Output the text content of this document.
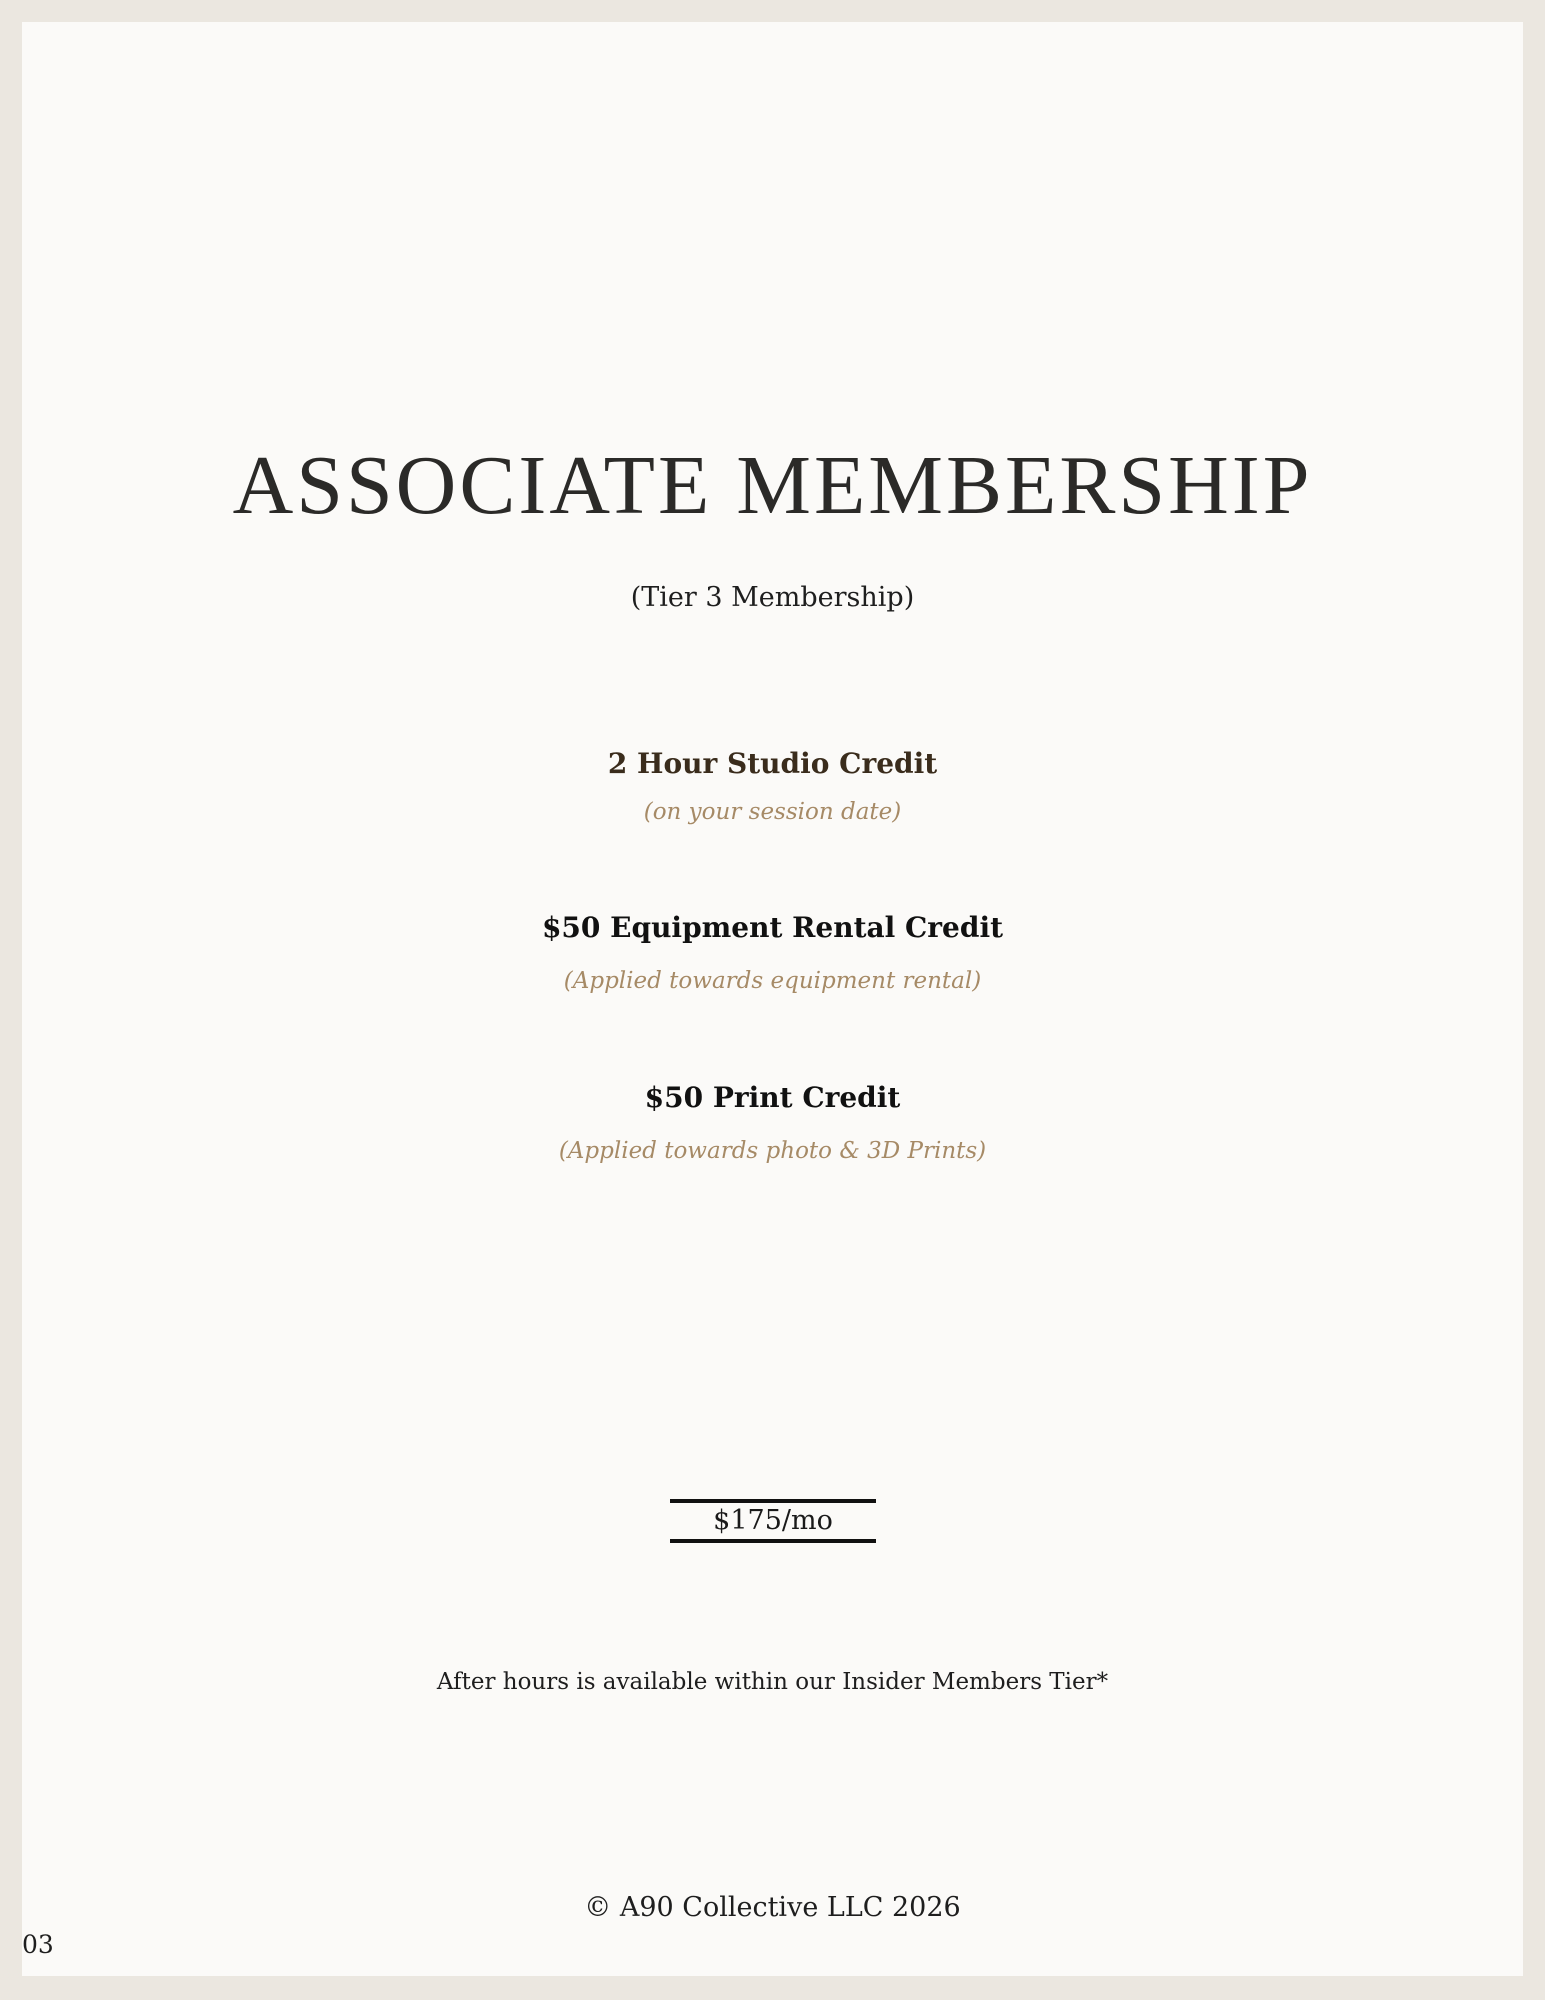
ASSOCIATE MEMBERSHIP

(Tier 3 Membership)

2 Hour Studio Credit
(on your session date)
$50 Equipment Rental Credit
(Applied towards equipment rental)
$50 Print Credit
(Applied towards photo & 3D Prints)
$175/mo

After hours is available within our Insider Members Tier*

© A90 Collective LLC 2026

03
